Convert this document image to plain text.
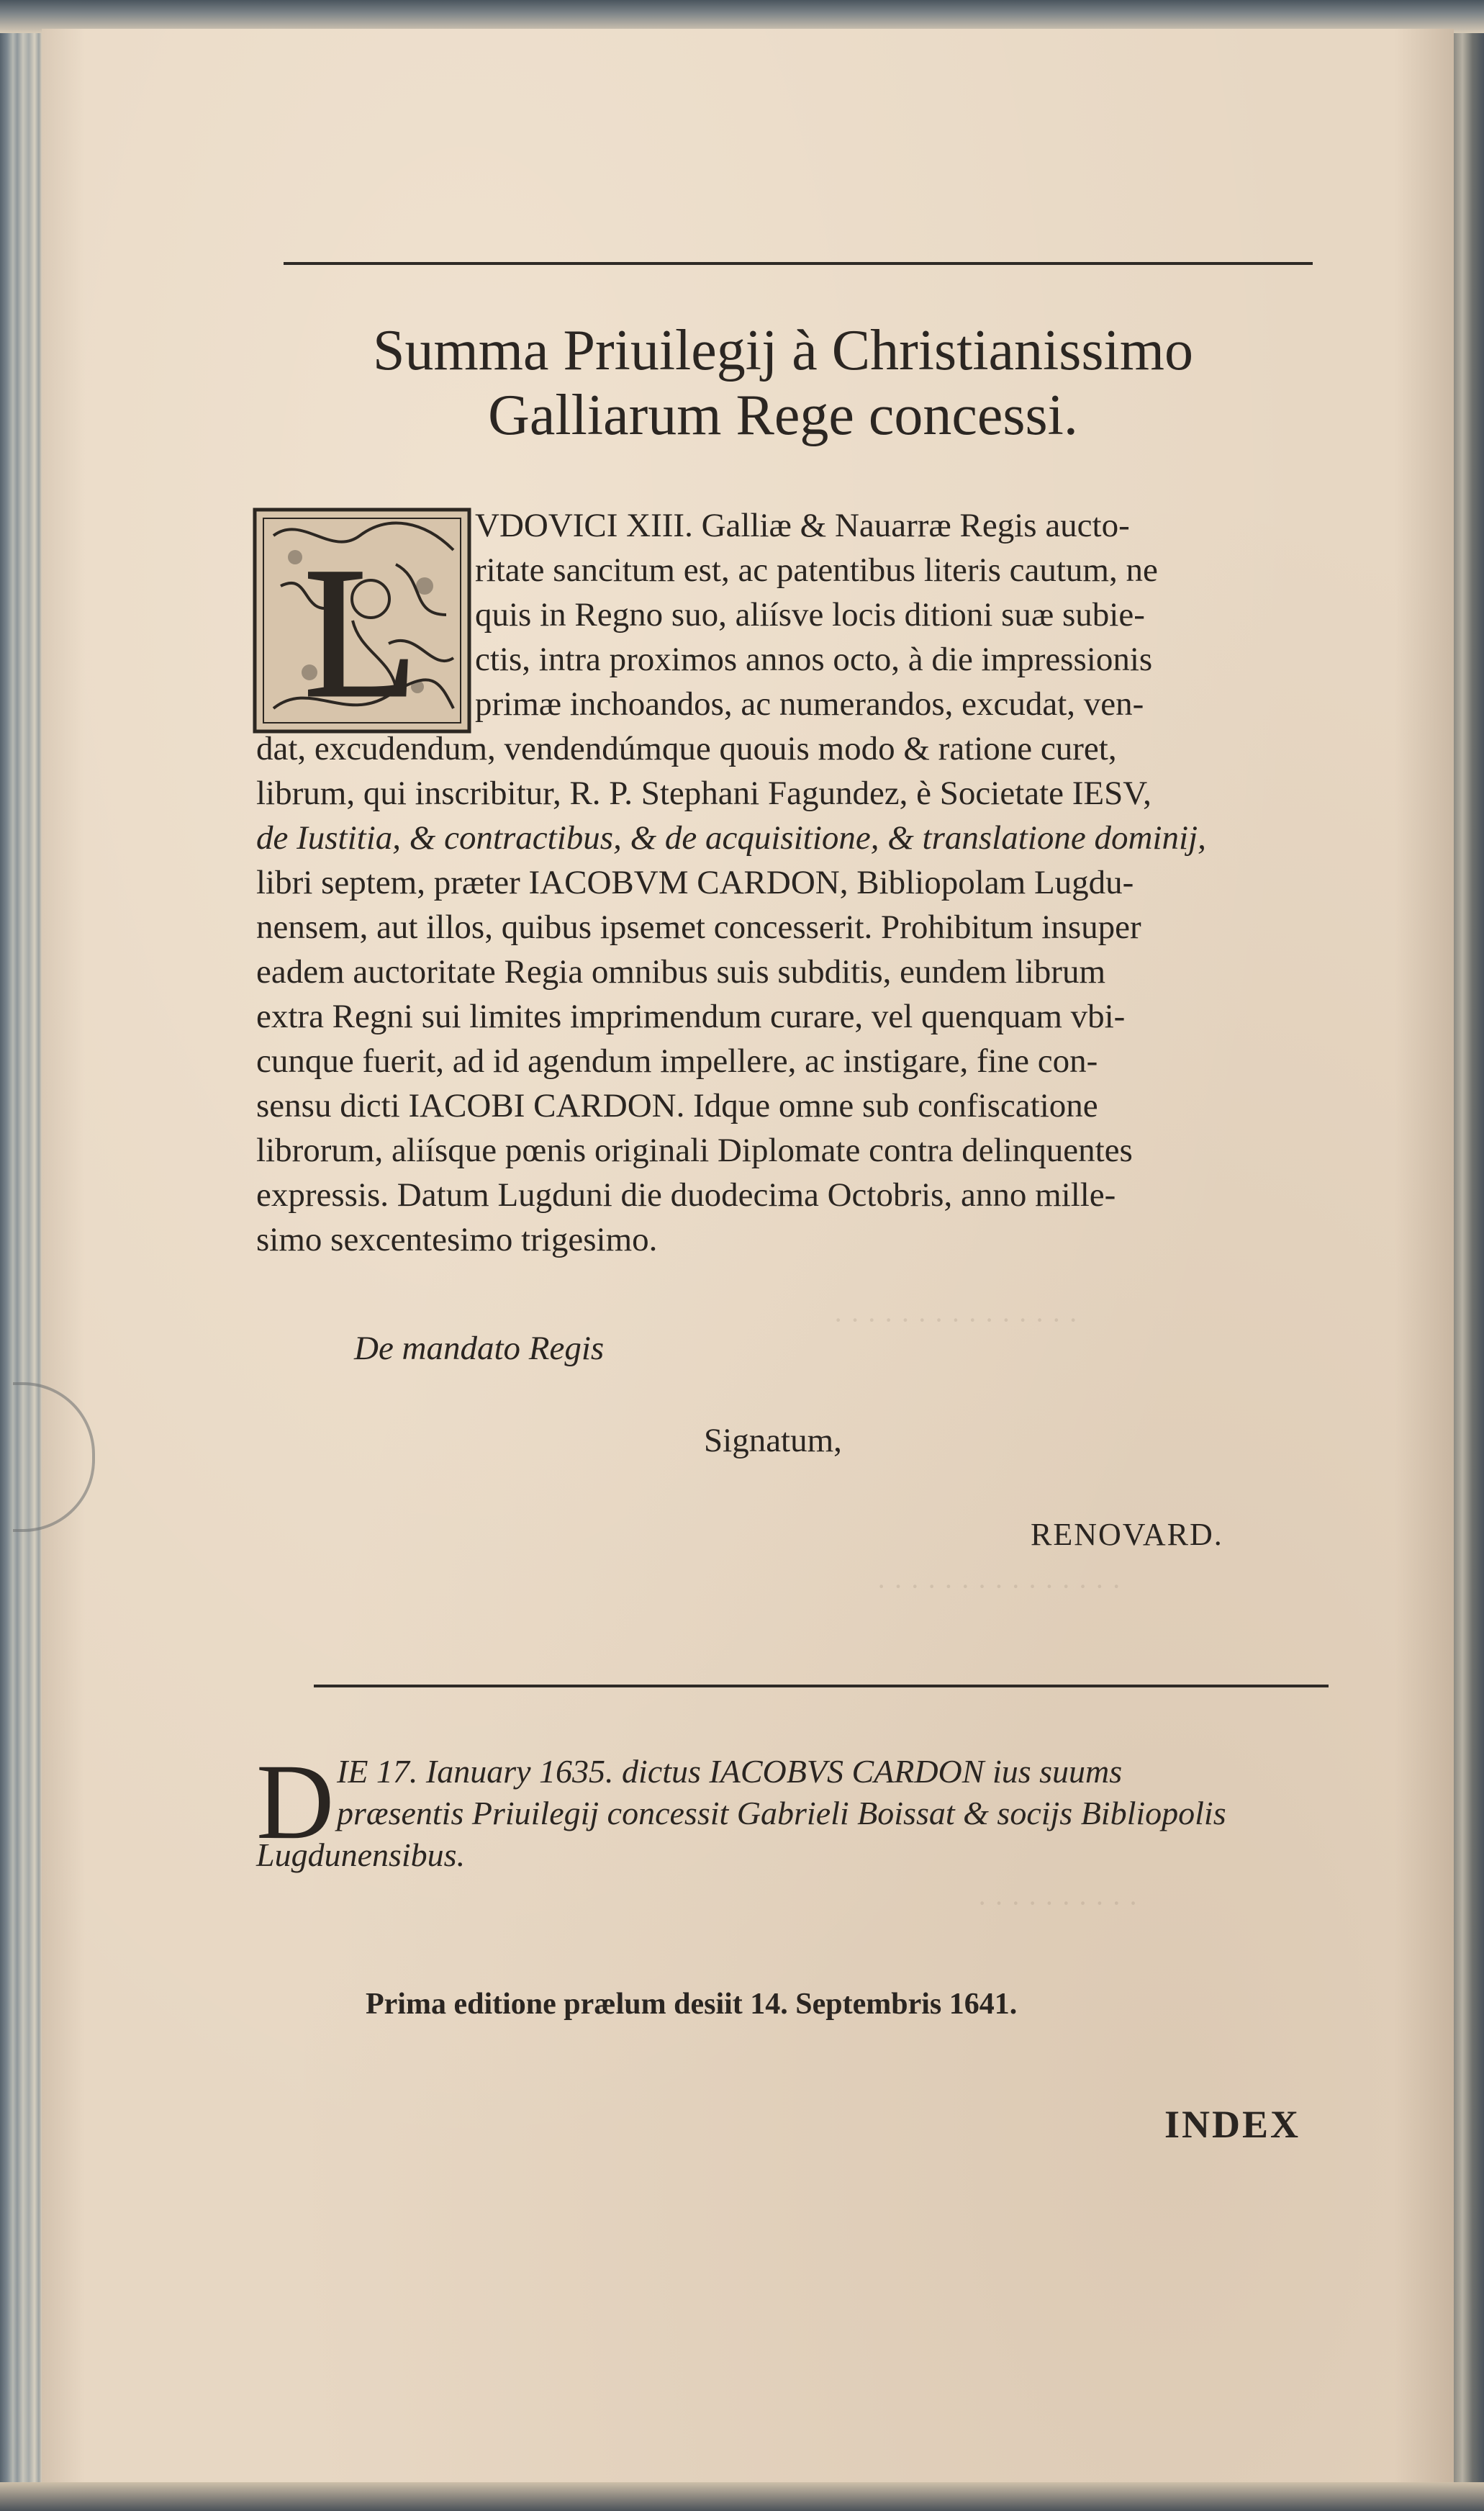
· · · · · · · · · · · · · · ·
· · · · · · · · · · · · · · ·
· · · · · · · · · ·
Summa Priuilegij à Christianissimo
Galliarum Rege concessi.
L
VDOVICI XIII. Galliæ & Nauarræ Regis aucto-
ritate sancitum est, ac patentibus literis cautum, ne
quis in Regno suo, aliísve locis ditioni suæ subie-
ctis, intra proximos annos octo, à die impressionis
primæ inchoandos, ac numerandos, excudat, ven-
dat, excudendum, vendendúmque quouis modo & ratione curet,
librum, qui inscribitur, R. P. Stephani Fagundez, è Societate IESV,
de Iustitia, & contractibus, & de acquisitione, & translatione dominij,
libri septem, præter IACOBVM CARDON, Bibliopolam Lugdu-
nensem, aut illos, quibus ipsemet concesserit. Prohibitum insuper
eadem auctoritate Regia omnibus suis subditis, eundem librum
extra Regni sui limites imprimendum curare, vel quenquam vbi-
cunque fuerit, ad id agendum impellere, ac instigare, fine con-
sensu dicti IACOBI CARDON. Idque omne sub confiscatione
librorum, aliísque pœnis originali Diplomate contra delinquentes
expressis. Datum Lugduni die duodecima Octobris, anno mille-
simo sexcentesimo trigesimo.
De mandato Regis
Signatum,
RENOVARD.
D IE 17. Ianuary 1635. dictus IACOBVS CARDON ius suums
præsentis Priuilegij concessit Gabrieli Boissat & socijs Bibliopolis
Lugdunensibus.
Prima editione prælum desiit 14. Septembris 1641.
INDEX
